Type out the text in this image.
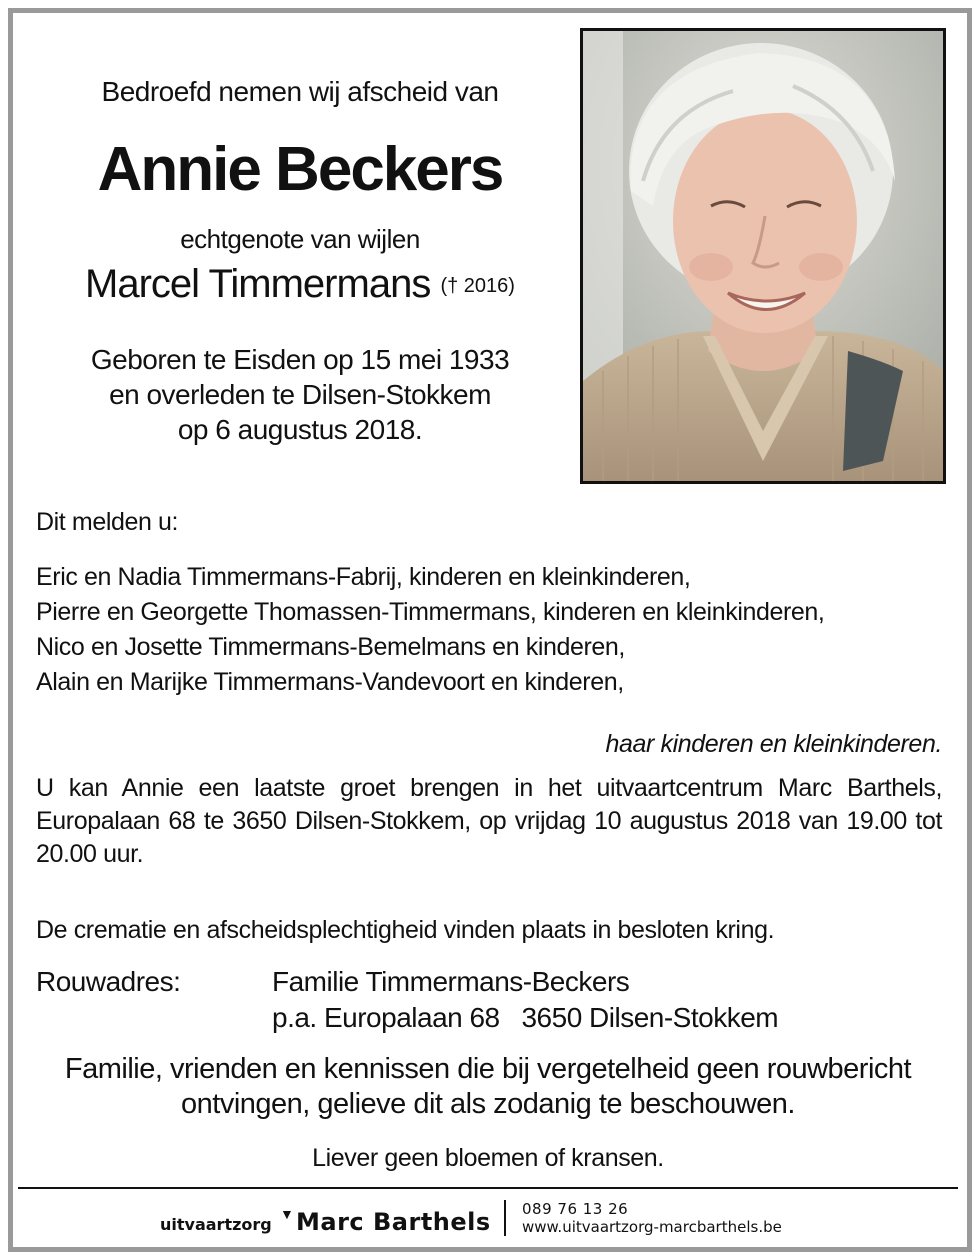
Bedroefd nemen wij afscheid van
Annie Beckers
echtgenote van wijlen
Marcel Timmermans († 2016)
Geboren te Eisden op 15 mei 1933
en overleden te Dilsen-Stokkem
op 6 augustus 2018.
Dit melden u:
Eric en Nadia Timmermans-Fabrij, kinderen en kleinkinderen,
Pierre en Georgette Thomassen-Timmermans, kinderen en kleinkinderen,
Nico en Josette Timmermans-Bemelmans en kinderen,
Alain en Marijke Timmermans-Vandevoort en kinderen,
haar kinderen en kleinkinderen.
U kan Annie een laatste groet brengen in het uitvaartcentrum Marc Barthels, Europalaan 68 te 3650 Dilsen-Stokkem, op vrijdag 10 augustus 2018 van 19.00 tot 20.00 uur.
De crematie en afscheidsplechtigheid vinden plaats in besloten kring.
Rouwadres:	Familie Timmermans-Beckers
p.a. Europalaan 68   3650 Dilsen-Stokkem
Familie, vrienden en kennissen die bij vergetelheid geen rouwbericht
ontvingen, gelieve dit als zodanig te beschouwen.
Liever geen bloemen of kransen.
uitvaartzorg
▼ Marc Barthels 089 76 13 26
www.uitvaartzorg-marcbarthels.be
